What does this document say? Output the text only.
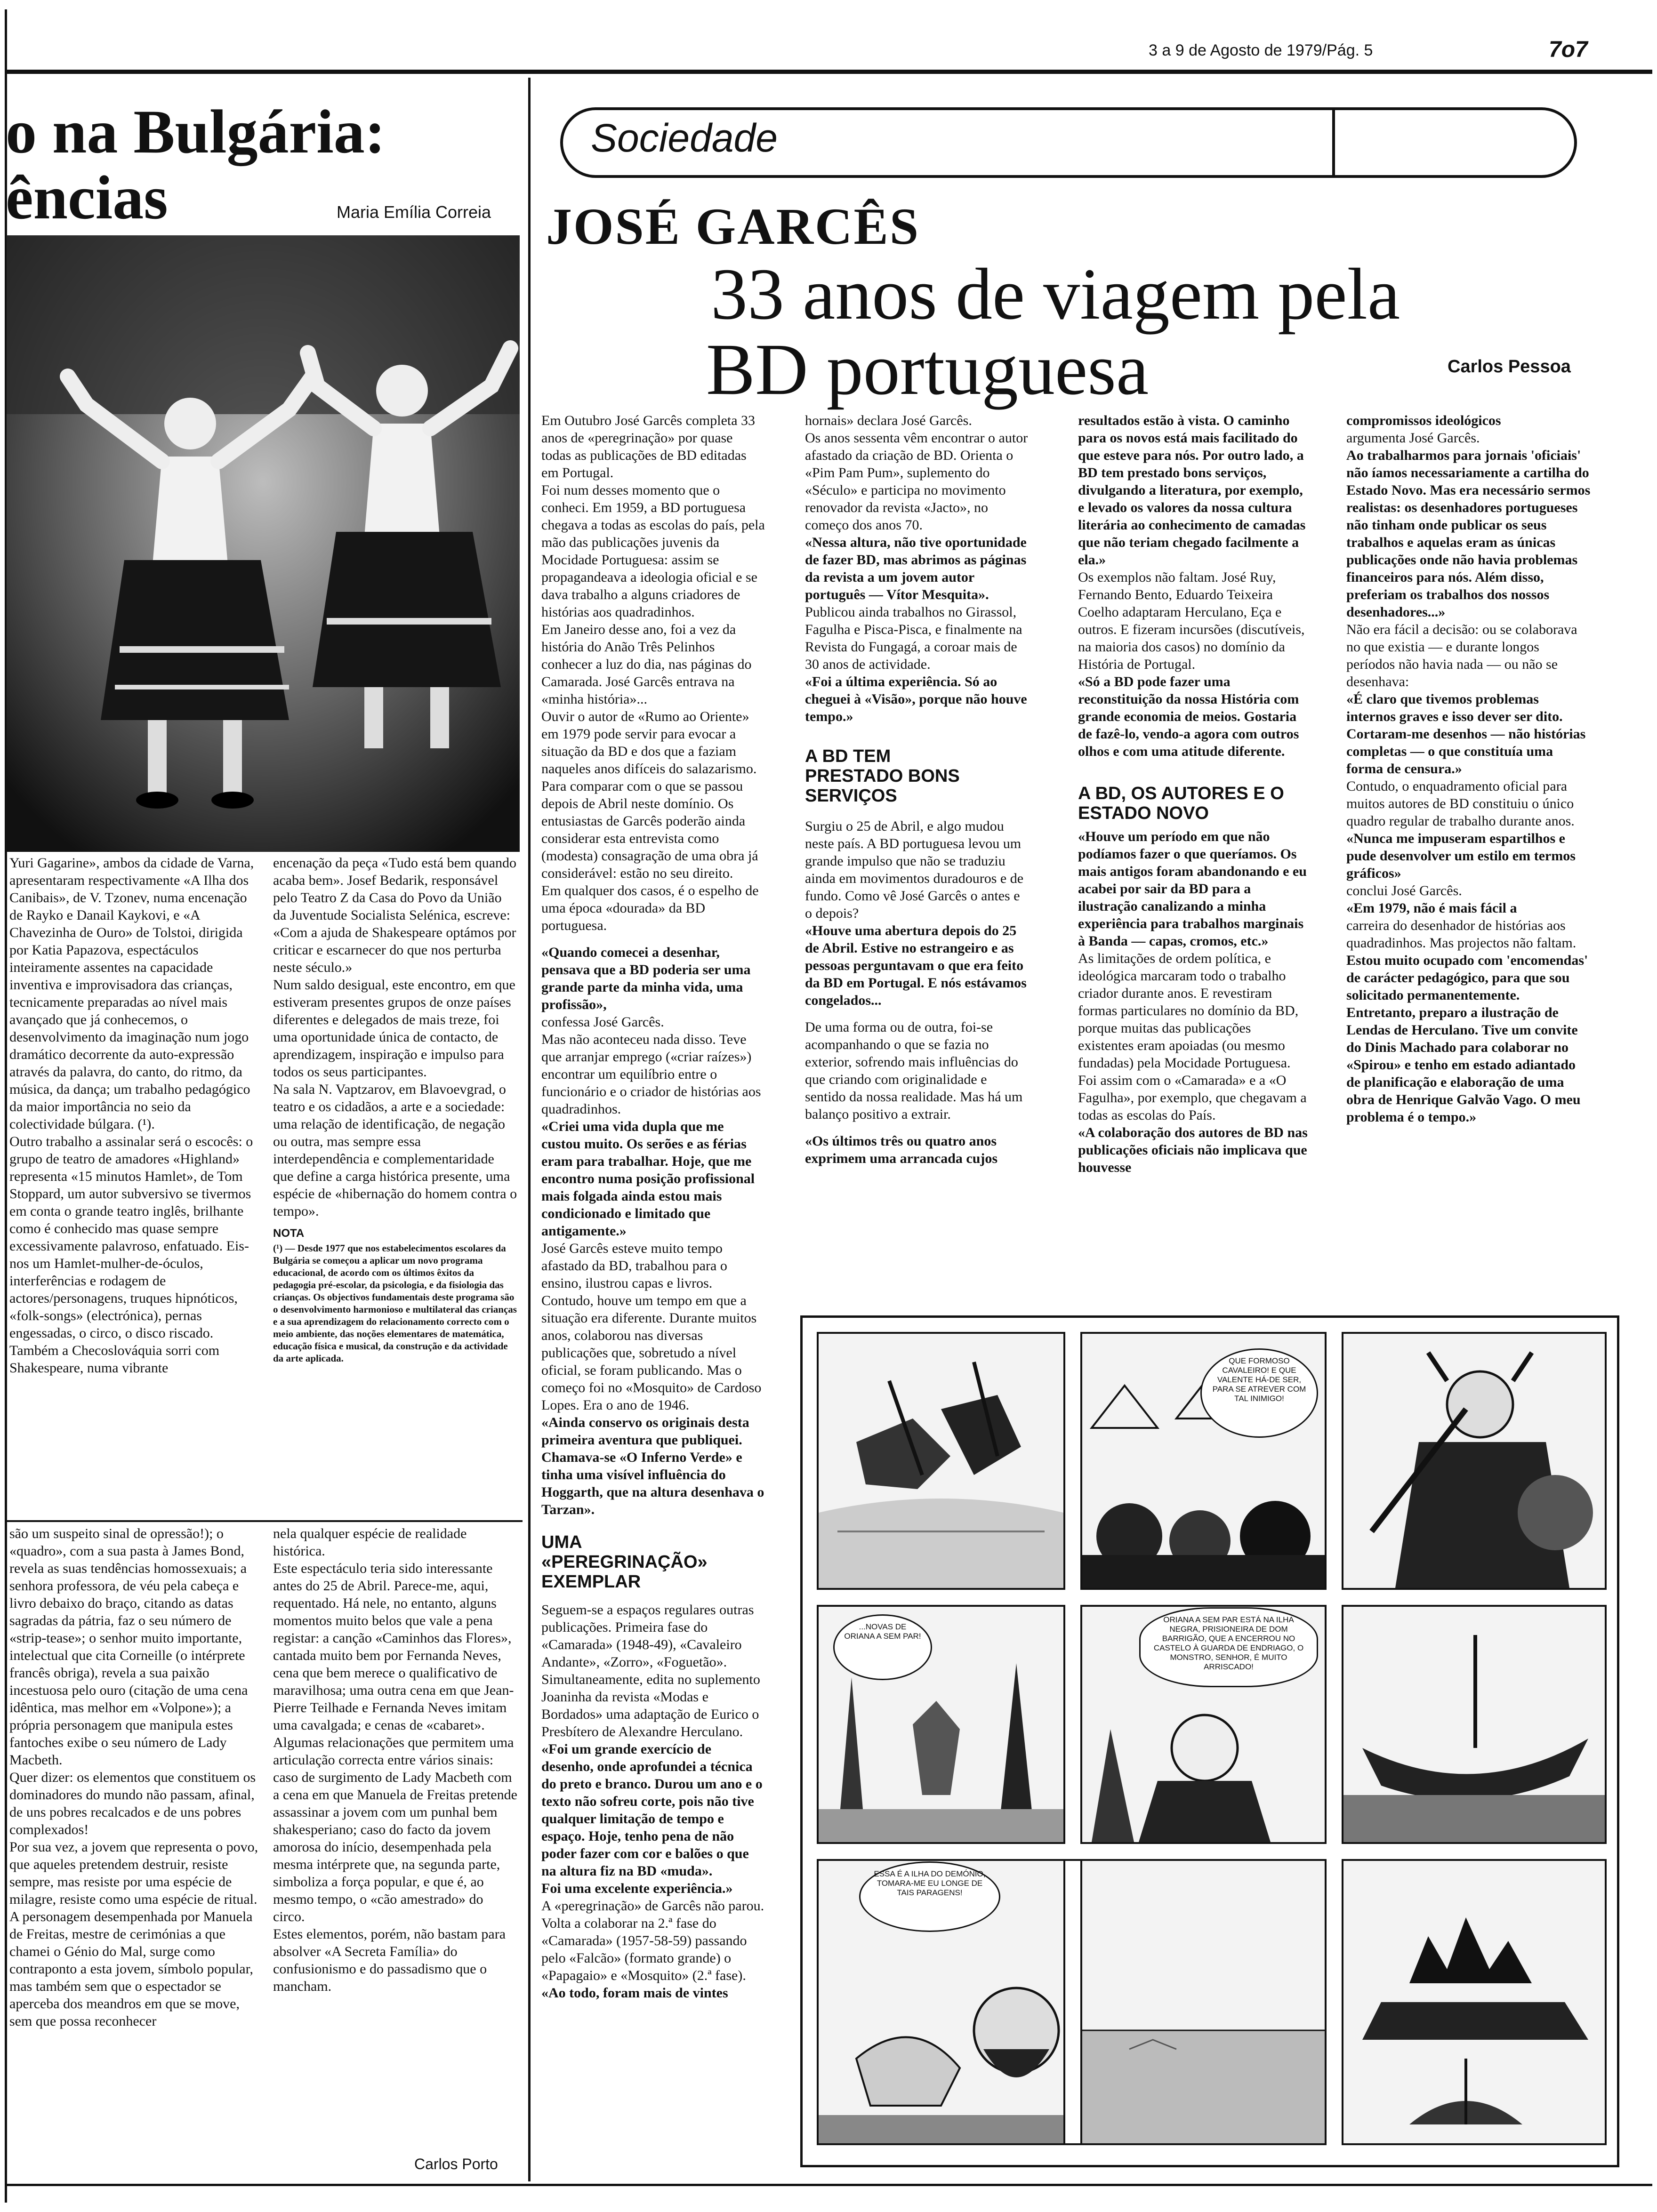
3 a 9 de Agosto de 1979/Pág. 5	7o7
o na Bulgária:
ências	Maria Emília Correia

Yuri Gagarine», ambos da cidade de Varna, apresentaram respectivamente «A Ilha dos Canibais», de V. Tzonev, numa encenação de Rayko e Danail Kaykovi, e «A Chavezinha de Ouro» de Tolstoi, dirigida por Katia Papazova, espectáculos inteiramente assentes na capacidade inventiva e improvisadora das crianças, tecnicamente preparadas ao nível mais avançado que já conhecemos, o desenvolvimento da imaginação num jogo dramático decorrente da auto-expressão através da palavra, do canto, do ritmo, da música, da dança; um trabalho pedagógico da maior importância no seio da colectividade búlgara. (¹).

Outro trabalho a assinalar será o escocês: o grupo de teatro de amadores «Highland» representa «15 minutos Hamlet», de Tom Stoppard, um autor subversivo se tivermos em conta o grande teatro inglês, brilhante como é conhecido mas quase sempre excessivamente palavroso, enfatuado. Eis-nos um Hamlet-mulher-de-óculos, interferências e rodagem de actores/personagens, truques hipnóticos, «folk-songs» (electrónica), pernas engessadas, o circo, o disco riscado.

Também a Checoslováquia sorri com Shakespeare, numa vibrante

encenação da peça «Tudo está bem quando acaba bem». Josef Bedarik, responsável pelo Teatro Z da Casa do Povo da União da Juventude Socialista Selénica, escreve: «Com a ajuda de Shakespeare optámos por criticar e escarnecer do que nos perturba neste século.»

Num saldo desigual, este encontro, em que estiveram presentes grupos de onze países diferentes e delegados de mais treze, foi uma oportunidade única de contacto, de aprendizagem, inspiração e impulso para todos os seus participantes.

Na sala N. Vaptzarov, em Blavoevgrad, o teatro e os cidadãos, a arte e a sociedade: uma relação de identificação, de negação ou outra, mas sempre essa interdependência e complementaridade que define a carga histórica presente, uma espécie de «hibernação do homem contra o tempo».

NOTA

(¹) — Desde 1977 que nos estabelecimentos escolares da Bulgária se começou a aplicar um novo programa educacional, de acordo com os últimos êxitos da pedagogia pré-escolar, da psicologia, e da fisiologia das crianças. Os objectivos fundamentais deste programa são o desenvolvimento harmonioso e multilateral das crianças e a sua aprendizagem do relacionamento correcto com o meio ambiente, das noções elementares de matemática, educação física e musical, da construção e da actividade da arte aplicada.

são um suspeito sinal de opressão!); o «quadro», com a sua pasta à James Bond, revela as suas tendências homossexuais; a senhora professora, de véu pela cabeça e livro debaixo do braço, citando as datas sagradas da pátria, faz o seu número de «strip-tease»; o senhor muito importante, intelectual que cita Corneille (o intérprete francês obriga), revela a sua paixão incestuosa pelo ouro (citação de uma cena idêntica, mas melhor em «Volpone»); a própria personagem que manipula estes fantoches exibe o seu número de Lady Macbeth.

Quer dizer: os elementos que constituem os dominadores do mundo não passam, afinal, de uns pobres recalcados e de uns pobres complexados!

Por sua vez, a jovem que representa o povo, que aqueles pretendem destruir, resiste sempre, mas resiste por uma espécie de milagre, resiste como uma espécie de ritual. A personagem desempenhada por Manuela de Freitas, mestre de cerimónias a que chamei o Génio do Mal, surge como contraponto a esta jovem, símbolo popular, mas também sem que o espectador se aperceba dos meandros em que se move, sem que possa reconhecer

nela qualquer espécie de realidade histórica.

Este espectáculo teria sido interessante antes do 25 de Abril. Parece-me, aqui, requentado. Há nele, no entanto, alguns momentos muito belos que vale a pena registar: a canção «Caminhos das Flores», cantada muito bem por Fernanda Neves, cena que bem merece o qualificativo de maravilhosa; uma outra cena em que Jean-Pierre Teilhade e Fernanda Neves imitam uma cavalgada; e cenas de «cabaret».

Algumas relacionações que permitem uma articulação correcta entre vários sinais: caso de surgimento de Lady Macbeth com a cena em que Manuela de Freitas pretende assassinar a jovem com um punhal bem shakesperiano; caso do facto da jovem amorosa do início, desempenhada pela mesma intérprete que, na segunda parte, simboliza a força popular, e que é, ao mesmo tempo, o «cão amestrado» do circo.

Estes elementos, porém, não bastam para absolver «A Secreta Família» do confusionismo e do passadismo que o mancham.

Carlos Porto
Sociedade
JOSÉ GARCÊS
33 anos de viagem pela
BD portuguesa	Carlos Pessoa

Em Outubro José Garcês completa 33 anos de «peregrinação» por quase todas as publicações de BD editadas em Portugal.

Foi num desses momento que o conheci. Em 1959, a BD portuguesa chegava a todas as escolas do país, pela mão das publicações juvenis da Mocidade Portuguesa: assim se propagandeava a ideologia oficial e se dava trabalho a alguns criadores de histórias aos quadradinhos.

Em Janeiro desse ano, foi a vez da história do Anão Três Pelinhos conhecer a luz do dia, nas páginas do Camarada. José Garcês entrava na «minha história»...

Ouvir o autor de «Rumo ao Oriente» em 1979 pode servir para evocar a situação da BD e dos que a faziam naqueles anos difíceis do salazarismo. Para comparar com o que se passou depois de Abril neste domínio. Os entusiastas de Garcês poderão ainda considerar esta entrevista como (modesta) consagração de uma obra já considerável: estão no seu direito.

Em qualquer dos casos, é o espelho de uma época «dourada» da BD portuguesa.

«Quando comecei a desenhar, pensava que a BD poderia ser uma grande parte da minha vida, uma profissão»,

confessa José Garcês.

Mas não aconteceu nada disso. Teve que arranjar emprego («criar raízes») encontrar um equilíbrio entre o funcionário e o criador de histórias aos quadradinhos.

«Criei uma vida dupla que me custou muito. Os serões e as férias eram para trabalhar. Hoje, que me encontro numa posição profissional mais folgada ainda estou mais condicionado e limitado que antigamente.»

José Garcês esteve muito tempo afastado da BD, trabalhou para o ensino, ilustrou capas e livros. Contudo, houve um tempo em que a situação era diferente. Durante muitos anos, colaborou nas diversas publicações que, sobretudo a nível oficial, se foram publicando. Mas o começo foi no «Mosquito» de Cardoso Lopes. Era o ano de 1946.

«Ainda conservo os originais desta primeira aventura que publiquei. Chamava-se «O Inferno Verde» e tinha uma visível influência do Hoggarth, que na altura desenhava o Tarzan».

UMA «PEREGRINAÇÃO» EXEMPLAR

Seguem-se a espaços regulares outras publicações. Primeira fase do «Camarada» (1948-49), «Cavaleiro Andante», «Zorro», «Foguetão». Simultaneamente, edita no suplemento Joaninha da revista «Modas e Bordados» uma adaptação de Eurico o Presbítero de Alexandre Herculano.

«Foi um grande exercício de desenho, onde aprofundei a técnica do preto e branco. Durou um ano e o texto não sofreu corte, pois não tive qualquer limitação de tempo e espaço. Hoje, tenho pena de não poder fazer com cor e balões o que na altura fiz na BD «muda».

Foi uma excelente experiência.»

A «peregrinação» de Garcês não parou. Volta a colaborar na 2.ª fase do «Camarada» (1957-58-59) passando pelo «Falcão» (formato grande) o «Papagaio» e «Mosquito» (2.ª fase).

«Ao todo, foram mais de vintes

hornais» declara José Garcês.

Os anos sessenta vêm encontrar o autor afastado da criação de BD. Orienta o «Pim Pam Pum», suplemento do «Século» e participa no movimento renovador da revista «Jacto», no começo dos anos 70.

«Nessa altura, não tive oportunidade de fazer BD, mas abrimos as páginas da revista a um jovem autor português — Vítor Mesquita».

Publicou ainda trabalhos no Girassol, Fagulha e Pisca-Pisca, e finalmente na Revista do Fungagá, a coroar mais de 30 anos de actividade.

«Foi a última experiência. Só ao cheguei à «Visão», porque não houve tempo.»

A BD TEM PRESTADO BONS SERVIÇOS

Surgiu o 25 de Abril, e algo mudou neste país. A BD portuguesa levou um grande impulso que não se traduziu ainda em movimentos duradouros e de fundo. Como vê José Garcês o antes e o depois?

«Houve uma abertura depois do 25 de Abril. Estive no estrangeiro e as pessoas perguntavam o que era feito da BD em Portugal. E nós estávamos congelados...

De uma forma ou de outra, foi-se acompanhando o que se fazia no exterior, sofrendo mais influências do que criando com originalidade e sentido da nossa realidade. Mas há um balanço positivo a extrair.

«Os últimos três ou quatro anos exprimem uma arrancada cujos

resultados estão à vista. O caminho para os novos está mais facilitado do que esteve para nós. Por outro lado, a BD tem prestado bons serviços, divulgando a literatura, por exemplo, e levado os valores da nossa cultura literária ao conhecimento de camadas que não teriam chegado facilmente a ela.»

Os exemplos não faltam. José Ruy, Fernando Bento, Eduardo Teixeira Coelho adaptaram Herculano, Eça e outros. E fizeram incursões (discutíveis, na maioria dos casos) no domínio da História de Portugal.

«Só a BD pode fazer uma reconstituição da nossa História com grande economia de meios. Gostaria de fazê-lo, vendo-a agora com outros olhos e com uma atitude diferente.

A BD, OS AUTORES E O ESTADO NOVO

«Houve um período em que não podíamos fazer o que queríamos. Os mais antigos foram abandonando e eu acabei por sair da BD para a ilustração canalizando a minha experiência para trabalhos marginais à Banda — capas, cromos, etc.»

As limitações de ordem política, e ideológica marcaram todo o trabalho criador durante anos. E revestiram formas particulares no domínio da BD, porque muitas das publicações existentes eram apoiadas (ou mesmo fundadas) pela Mocidade Portuguesa. Foi assim com o «Camarada» e a «O Fagulha», por exemplo, que chegavam a todas as escolas do País.

«A colaboração dos autores de BD nas publicações oficiais não implicava que houvesse

compromissos ideológicos

argumenta José Garcês.

Ao trabalharmos para jornais 'oficiais' não íamos necessariamente a cartilha do Estado Novo. Mas era necessário sermos realistas: os desenhadores portugueses não tinham onde publicar os seus trabalhos e aquelas eram as únicas publicações onde não havia problemas financeiros para nós. Além disso, preferiam os trabalhos dos nossos desenhadores...»

Não era fácil a decisão: ou se colaborava no que existia — e durante longos períodos não havia nada — ou não se desenhava:

«É claro que tivemos problemas internos graves e isso dever ser dito. Cortaram-me desenhos — não histórias completas — o que constituía uma forma de censura.»

Contudo, o enquadramento oficial para muitos autores de BD constituiu o único quadro regular de trabalho durante anos.

«Nunca me impuseram espartilhos e pude desenvolver um estilo em termos gráficos»

conclui José Garcês.

«Em 1979, não é mais fácil a

carreira do desenhador de histórias aos quadradinhos. Mas projectos não faltam.

Estou muito ocupado com 'encomendas' de carácter pedagógico, para que sou solicitado permanentemente. Entretanto, preparo a ilustração de Lendas de Herculano. Tive um convite do Dinis Machado para colaborar no «Spirou» e tenho em estado adiantado de planificação e elaboração de uma obra de Henrique Galvão Vago. O meu problema é o tempo.»

QUE FORMOSO CAVALEIRO! E QUE VALENTE HÁ-DE SER, PARA SE ATREVER COM TAL INIMIGO!
...NOVAS DE ORIANA A SEM PAR!
ORIANA A SEM PAR ESTÁ NA ILHA NEGRA, PRISIONEIRA DE DOM BARRIGÃO, QUE A ENCERROU NO CASTELO À GUARDA DE ENDRIAGO, O MONSTRO, SENHOR, É MUITO ARRISCADO!
ESSA É A ILHA DO DEMÓNIO, TOMARA-ME EU LONGE DE TAIS PARAGENS!
